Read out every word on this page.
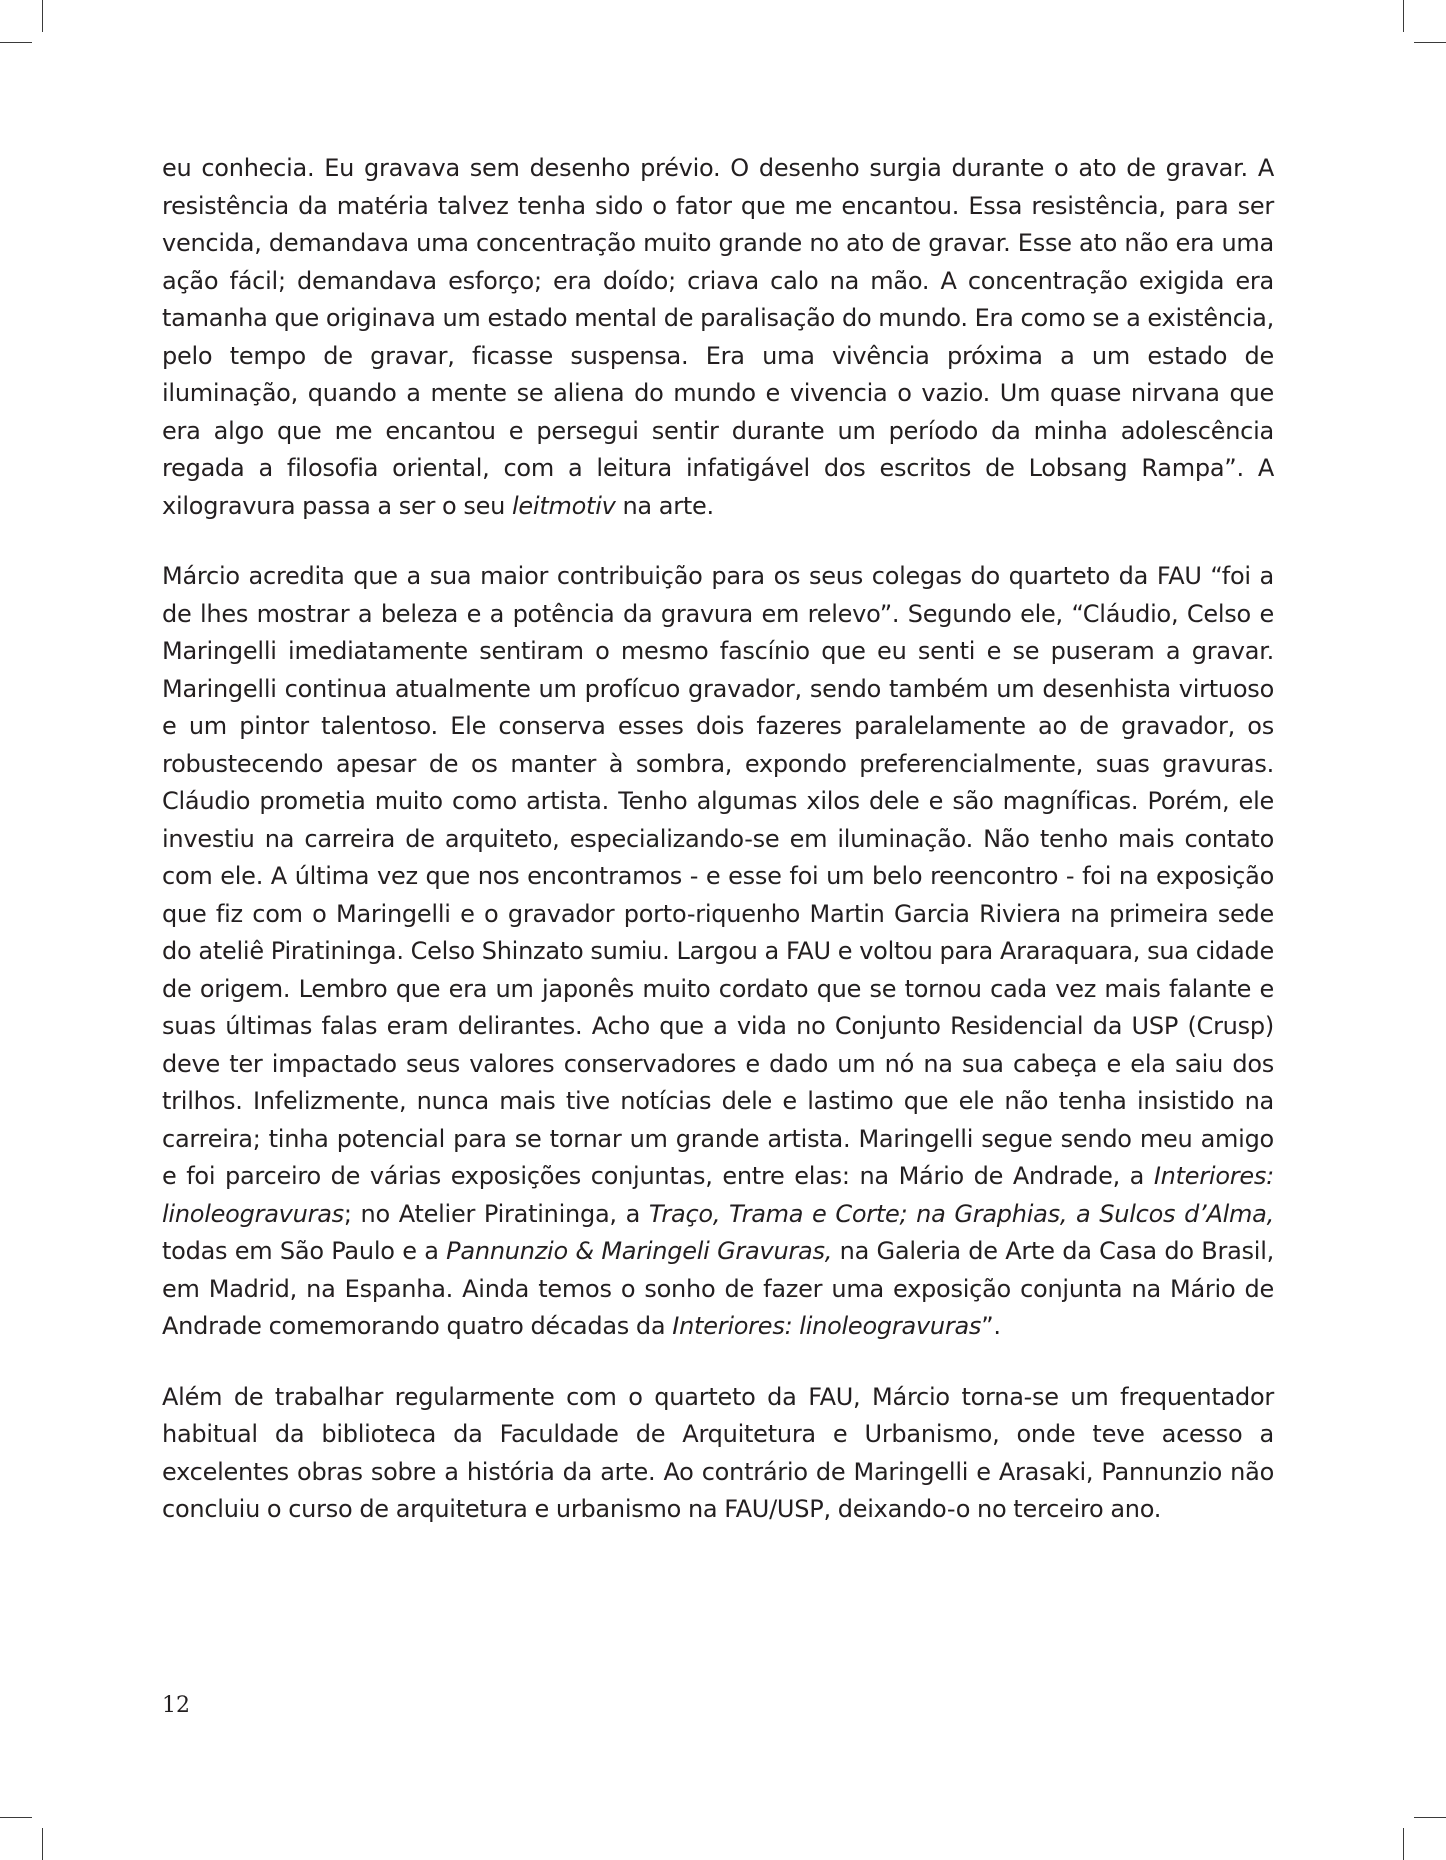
eu conhecia. Eu gravava sem desenho prévio. O desenho surgia durante o ato de gravar. A resistência da matéria talvez tenha sido o fator que me encantou. Essa resistência, para ser vencida, demandava uma concentração muito grande no ato de gravar. Esse ato não era uma ação fácil; demandava esforço; era doído; criava calo na mão. A concentração exigida era tamanha que originava um estado mental de paralisação do mundo. Era como se a existência, pelo tempo de gravar, ficasse suspensa. Era uma vivência próxima a um estado de iluminação, quando a mente se aliena do mundo e vivencia o vazio. Um quase nirvana que era algo que me encantou e persegui sentir durante um período da minha adolescência regada a filosofia oriental, com a leitura infatigável dos escritos de Lobsang Rampa”. A xilogravura passa a ser o seu leitmotiv na arte.

Márcio acredita que a sua maior contribuição para os seus colegas do quarteto da FAU “foi a de lhes mostrar a beleza e a potência da gravura em relevo”. Segundo ele, “Cláudio, Celso e Maringelli imediatamente sentiram o mesmo fascínio que eu senti e se puseram a gravar. Maringelli continua atualmente um profícuo gravador, sendo também um desenhista virtuoso e um pintor talentoso. Ele conserva esses dois fazeres paralelamente ao de gravador, os robustecendo apesar de os manter à sombra, expondo preferencialmente, suas gravuras. Cláudio prometia muito como artista. Tenho algumas xilos dele e são magníficas. Porém, ele investiu na carreira de arquiteto, especializando-se em iluminação. Não tenho mais contato com ele. A última vez que nos encontramos - e esse foi um belo reencontro - foi na exposição que fiz com o Maringelli e o gravador porto-riquenho Martin Garcia Riviera na primeira sede do ateliê Piratininga. Celso Shinzato sumiu. Largou a FAU e voltou para Araraquara, sua cidade de origem. Lembro que era um japonês muito cordato que se tornou cada vez mais falante e suas últimas falas eram delirantes. Acho que a vida no Conjunto Residencial da USP (Crusp) deve ter impactado seus valores conservadores e dado um nó na sua cabeça e ela saiu dos trilhos. Infelizmente, nunca mais tive notícias dele e lastimo que ele não tenha insistido na carreira; tinha potencial para se tornar um grande artista. Maringelli segue sendo meu amigo e foi parceiro de várias exposições conjuntas, entre elas: na Mário de Andrade, a Interiores: linoleogravuras; no Atelier Piratininga, a Traço, Trama e Corte; na Graphias, a Sulcos d’Alma, todas em São Paulo e a Pannunzio & Maringeli Gravuras, na Galeria de Arte da Casa do Brasil, em Madrid, na Espanha. Ainda temos o sonho de fazer uma exposição conjunta na Mário de Andrade comemorando quatro décadas da Interiores: linoleogravuras”.

Além de trabalhar regularmente com o quarteto da FAU, Márcio torna-se um frequentador habitual da biblioteca da Faculdade de Arquitetura e Urbanismo, onde teve acesso a excelentes obras sobre a história da arte. Ao contrário de Maringelli e Arasaki, Pannunzio não concluiu o curso de arquitetura e urbanismo na FAU/USP, deixando-o no terceiro ano.

12
